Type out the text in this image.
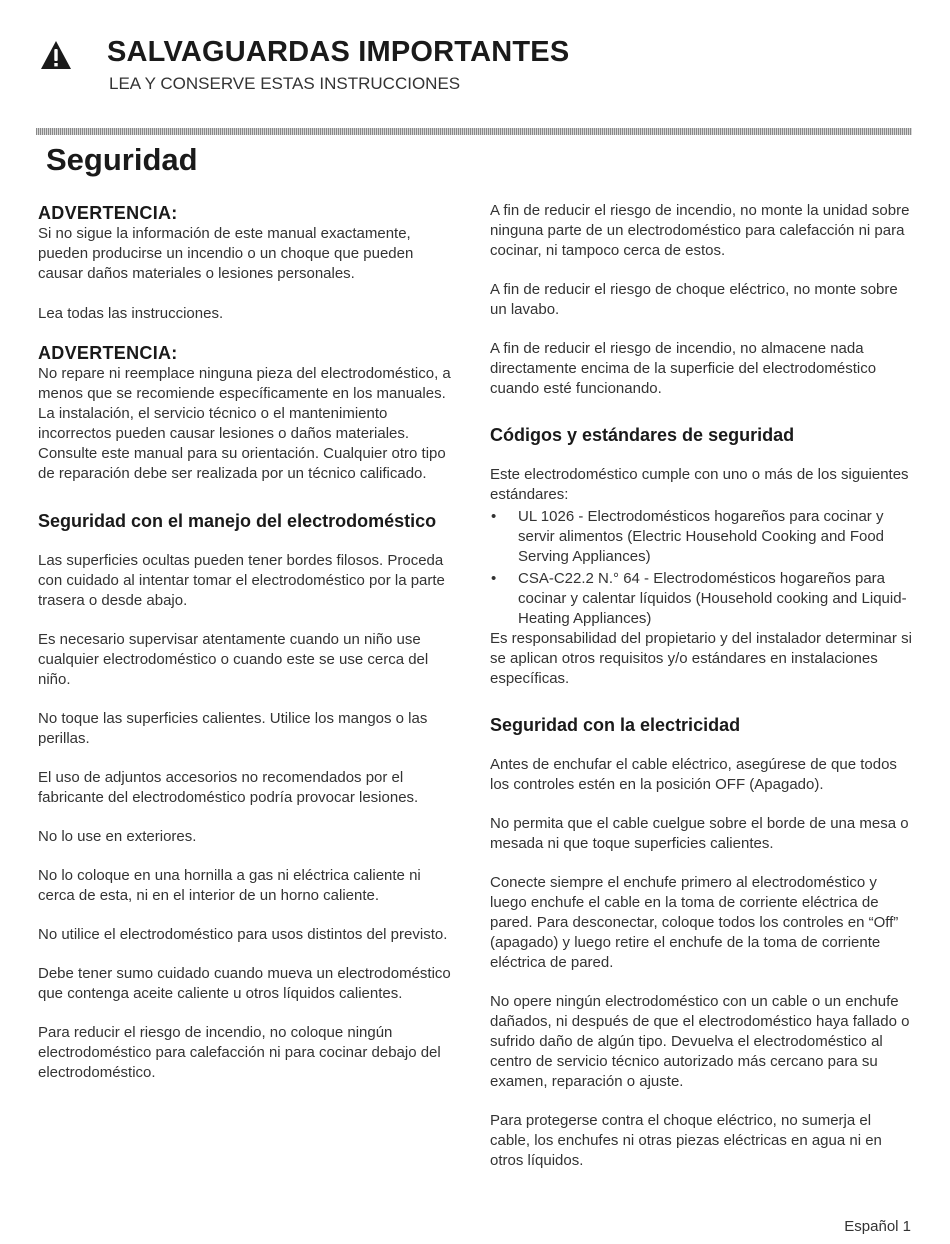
SALVAGUARDAS IMPORTANTES
LEA Y CONSERVE ESTAS INSTRUCCIONES
Seguridad
ADVERTENCIA:

Si no sigue la información de este manual exactamente, pueden producirse un incendio o un choque que pueden causar daños materiales o lesiones personales.

Lea todas las instrucciones.

ADVERTENCIA:

No repare ni reemplace ninguna pieza del electrodoméstico, a menos que se recomiende específicamente en los manuales. La instalación, el servicio técnico o el mantenimiento incorrectos pueden causar lesiones o daños materiales. Consulte este manual para su orientación. Cualquier otro tipo de reparación debe ser realizada por un técnico calificado.

Seguridad con el manejo del electrodoméstico

Las superficies ocultas pueden tener bordes filosos. Proceda con cuidado al intentar tomar el electrodoméstico por la parte trasera o desde abajo.

Es necesario supervisar atentamente cuando un niño use cualquier electrodoméstico o cuando este se use cerca del niño.

No toque las superficies calientes. Utilice los mangos o las perillas.

El uso de adjuntos accesorios no recomendados por el fabricante del electrodoméstico podría provocar lesiones.

No lo use en exteriores.

No lo coloque en una hornilla a gas ni eléctrica caliente ni cerca de esta, ni en el interior de un horno caliente.

No utilice el electrodoméstico para usos distintos del previsto.

Debe tener sumo cuidado cuando mueva un electrodoméstico que contenga aceite caliente u otros líquidos calientes.

Para reducir el riesgo de incendio, no coloque ningún electrodoméstico para calefacción ni para cocinar debajo del electrodoméstico.

A fin de reducir el riesgo de incendio, no monte la unidad sobre ninguna parte de un electrodoméstico para calefacción ni para cocinar, ni tampoco cerca de estos.

A fin de reducir el riesgo de choque eléctrico, no monte sobre un lavabo.

A fin de reducir el riesgo de incendio, no almacene nada directamente encima de la superficie del electrodoméstico cuando esté funcionando.

Códigos y estándares de seguridad

Este electrodoméstico cumple con uno o más de los siguientes estándares:

• UL 1026 - Electrodomésticos hogareños para cocinar y servir alimentos (Electric Household Cooking and Food Serving Appliances)
• CSA-C22.2 N.° 64 - Electrodomésticos hogareños para cocinar y calentar líquidos (Household cooking and Liquid-Heating Appliances)

Es responsabilidad del propietario y del instalador determinar si se aplican otros requisitos y/o estándares en instalaciones específicas.

Seguridad con la electricidad

Antes de enchufar el cable eléctrico, asegúrese de que todos los controles estén en la posición OFF (Apagado).

No permita que el cable cuelgue sobre el borde de una mesa o mesada ni que toque superficies calientes.

Conecte siempre el enchufe primero al electrodoméstico y luego enchufe el cable en la toma de corriente eléctrica de pared. Para desconectar, coloque todos los controles en “Off” (apagado) y luego retire el enchufe de la toma de corriente eléctrica de pared.

No opere ningún electrodoméstico con un cable o un enchufe dañados, ni después de que el electrodoméstico haya fallado o sufrido daño de algún tipo. Devuelva el electrodoméstico al centro de servicio técnico autorizado más cercano para su examen, reparación o ajuste.

Para protegerse contra el choque eléctrico, no sumerja el cable, los enchufes ni otras piezas eléctricas en agua ni en otros líquidos.

Español 1
